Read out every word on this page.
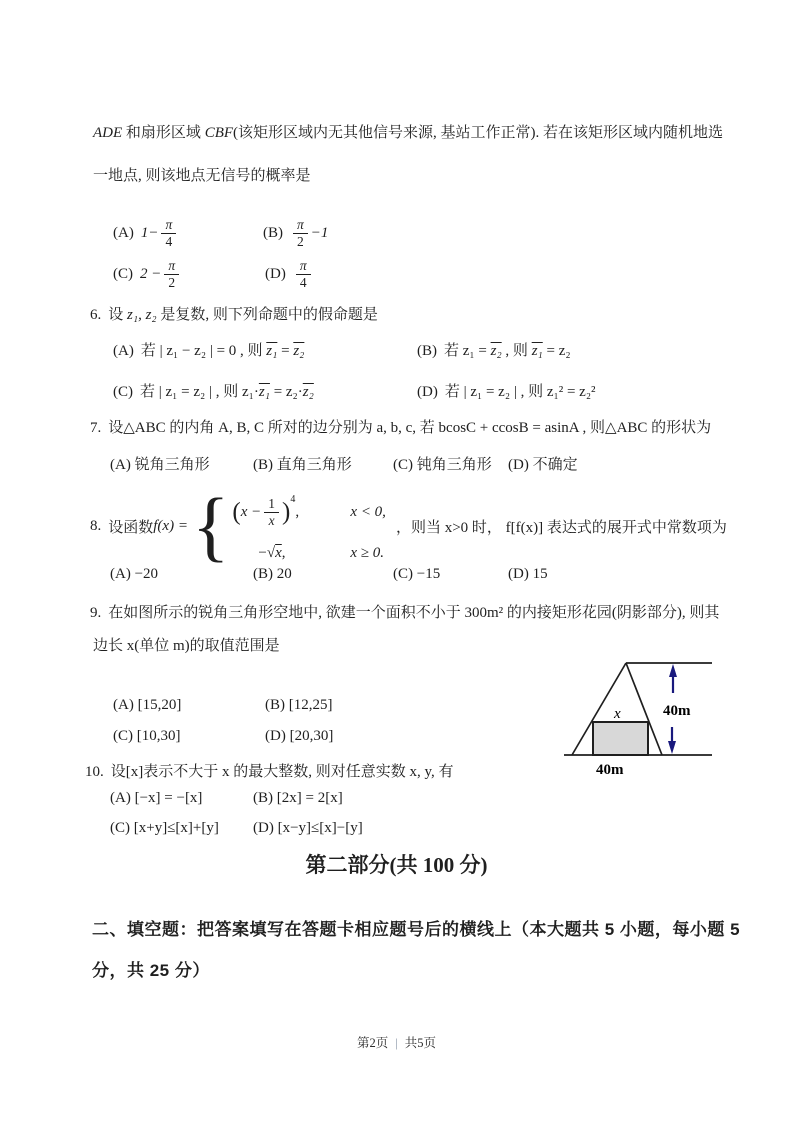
ADE 和扇形区域 CBF(该矩形区域内无其他信号来源, 基站工作正常). 若在该矩形区域内随机地选
一地点, 则该地点无信号的概率是
(A) $1- \frac{\pi}{4}$	$(B) \frac{\pi}{2} -1$
(C) $2 - \frac{\pi}{2}$	$(D) \frac{\pi}{4}$
6. 设 z₁, z₂ 是复数, 则下列命题中的假命题是
(A) 若 | z₁ − z₂ | = 0 , 则 z₁ = z₂	(B) 若 z₁ = z₂ , 则 z₁ = z₂
(C) 若 | z₁ = z₂ | , 则 z₁·z₁ = z₂·z₂	(D) 若 | z₁ = z₂ | , 则 z₁² = z₂²
7. 设△ABC 的内角 A, B, C 所对的边分别为 a, b, c, 若 bcosC + ccosB = asinA , 则△ABC 的形状为
(A) 锐角三角形	(B) 直角三角形	(C) 钝角三角形 (D) 不确定
8. 设函数 f(x) = { $(x - \frac{1}{x} )^4$,	x < 0,
−√x,	x ≥ 0.
，则当 x>0 时， f[f(x)] 表达式的展开式中常数项为
(A) −20	(B) 20	(C) −15	(D) 15
9. 在如图所示的锐角三角形空地中, 欲建一个面积不小于 300m² 的内接矩形花园(阴影部分), 则其
边长 x(单位 m)的取值范围是
(A) [15,20]	(B) [12,25]
(C) [10,30]	(D) [20,30]
x	40m
40m
10. 设[x]表示不大于 x 的最大整数, 则对任意实数 x, y, 有
(A) [−x] = −[x]	(B) [2x] = 2[x]
(C) [x+y]≤[x]+[y] (D) [x−y]≤[x]−[y]
第二部分(共 100 分)
二、填空题：把答案填写在答题卡相应题号后的横线上（本大题共 5 小题，每小题 5
分，共 25 分）
第2页 | 共5页
